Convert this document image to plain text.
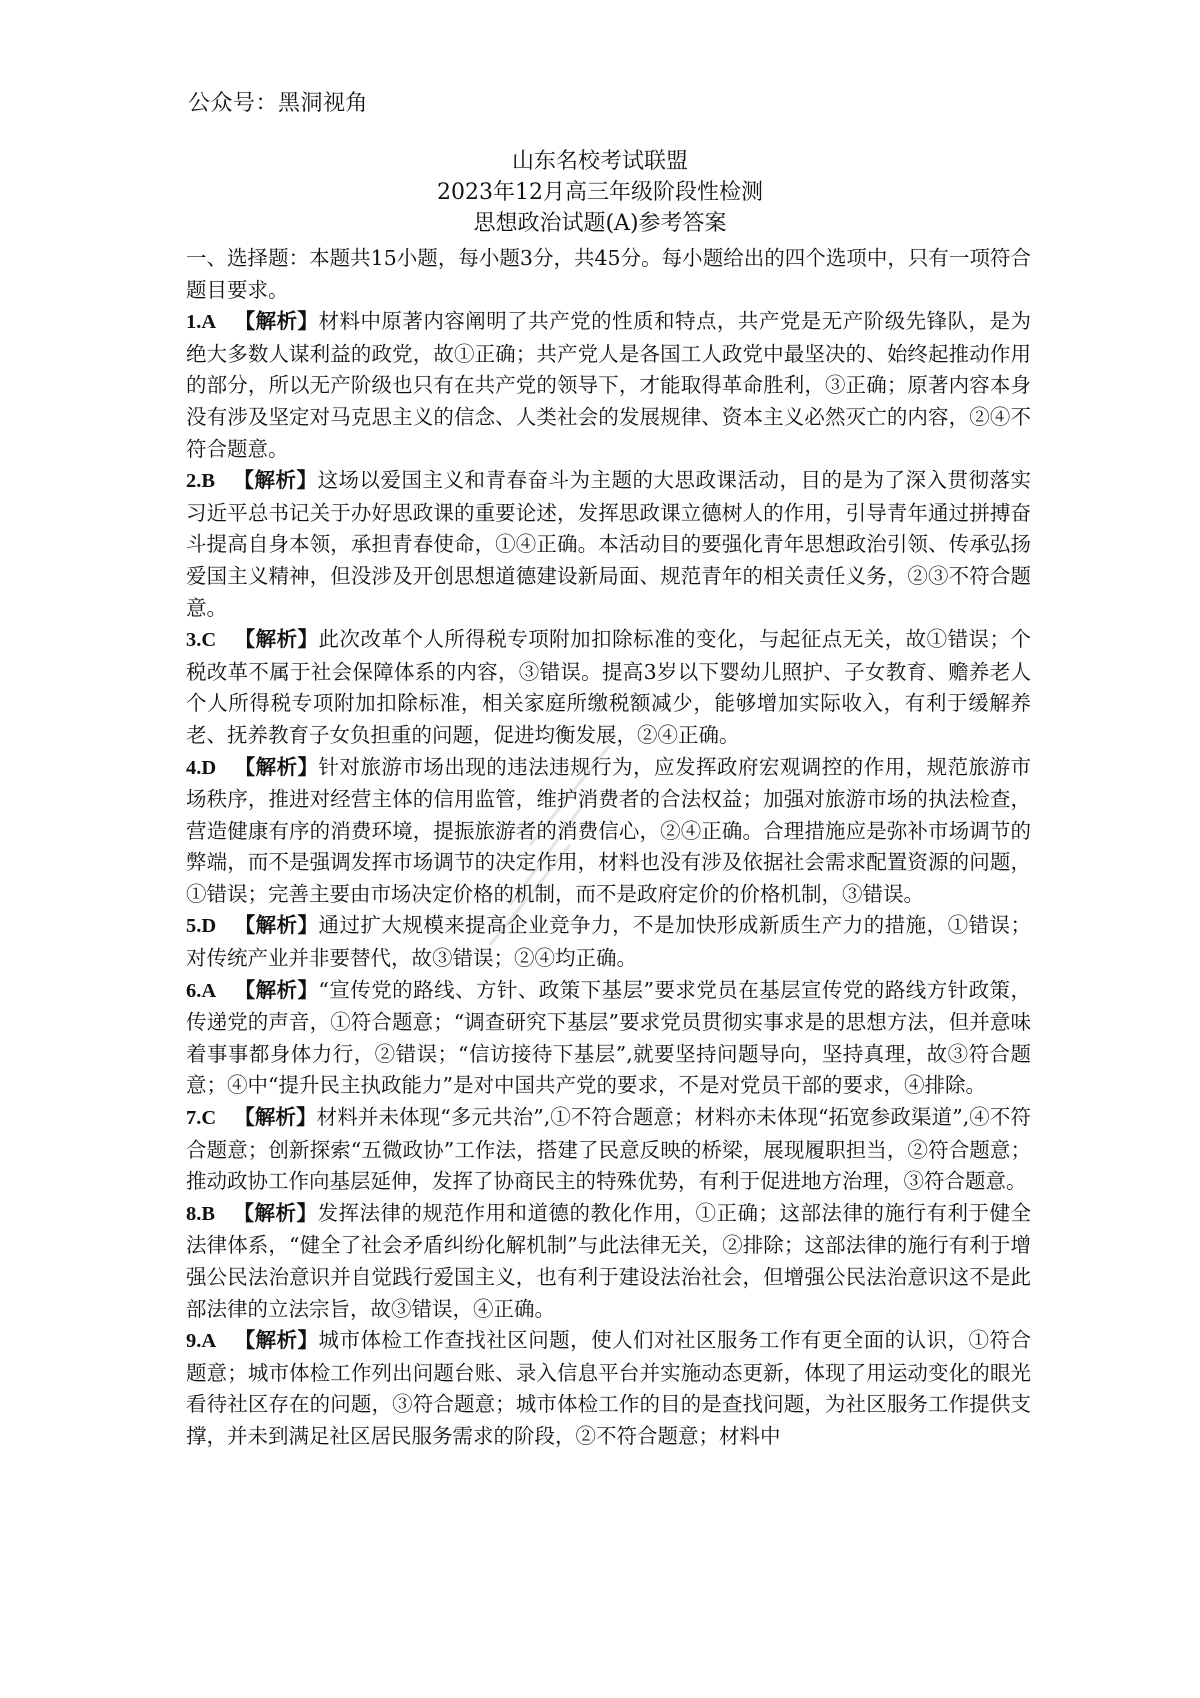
公众号：黑洞视角
山东名校考试联盟
2023年12月高三年级阶段性检测
思想政治试题(A)参考答案

一、选择题：本题共15小题，每小题3分，共45分。每小题给出的四个选项中，只有一项符合题目要求。

1.A 【解析】材料中原著内容阐明了共产党的性质和特点，共产党是无产阶级先锋队，是为绝大多数人谋利益的政党，故①正确；共产党人是各国工人政党中最坚决的、始终起推动作用的部分，所以无产阶级也只有在共产党的领导下，才能取得革命胜利，③正确；原著内容本身没有涉及坚定对马克思主义的信念、人类社会的发展规律、资本主义必然灭亡的内容，②④不符合题意。

2.B 【解析】这场以爱国主义和青春奋斗为主题的大思政课活动，目的是为了深入贯彻落实习近平总书记关于办好思政课的重要论述，发挥思政课立德树人的作用，引导青年通过拼搏奋斗提高自身本领，承担青春使命，①④正确。本活动目的要强化青年思想政治引领、传承弘扬爱国主义精神，但没涉及开创思想道德建设新局面、规范青年的相关责任义务，②③不符合题意。

3.C 【解析】此次改革个人所得税专项附加扣除标准的变化，与起征点无关，故①错误；个税改革不属于社会保障体系的内容，③错误。提高3岁以下婴幼儿照护、子女教育、赡养老人个人所得税专项附加扣除标准，相关家庭所缴税额减少，能够增加实际收入，有利于缓解养老、抚养教育子女负担重的问题，促进均衡发展，②④正确。

4.D 【解析】针对旅游市场出现的违法违规行为，应发挥政府宏观调控的作用，规范旅游市场秩序，推进对经营主体的信用监管，维护消费者的合法权益；加强对旅游市场的执法检查，营造健康有序的消费环境，提振旅游者的消费信心，②④正确。合理措施应是弥补市场调节的弊端，而不是强调发挥市场调节的决定作用，材料也没有涉及依据社会需求配置资源的问题，①错误；完善主要由市场决定价格的机制，而不是政府定价的价格机制，③错误。

5.D 【解析】通过扩大规模来提高企业竞争力，不是加快形成新质生产力的措施，①错误；对传统产业并非要替代，故③错误；②④均正确。

6.A 【解析】“宣传党的路线、方针、政策下基层”要求党员在基层宣传党的路线方针政策，传递党的声音，①符合题意；“调查研究下基层”要求党员贯彻实事求是的思想方法，但并意味着事事都身体力行，②错误；“信访接待下基层”,就要坚持问题导向，坚持真理，故③符合题意；④中“提升民主执政能力”是对中国共产党的要求，不是对党员干部的要求，④排除。

7.C 【解析】材料并未体现“多元共治”,①不符合题意；材料亦未体现“拓宽参政渠道”,④不符合题意；创新探索“五微政协”工作法，搭建了民意反映的桥梁，展现履职担当，②符合题意；推动政协工作向基层延伸，发挥了协商民主的特殊优势，有利于促进地方治理，③符合题意。

8.B 【解析】发挥法律的规范作用和道德的教化作用，①正确；这部法律的施行有利于健全法律体系，“健全了社会矛盾纠纷化解机制”与此法律无关，②排除；这部法律的施行有利于增强公民法治意识并自觉践行爱国主义，也有利于建设法治社会，但增强公民法治意识这不是此部法律的立法宗旨，故③错误，④正确。

9.A 【解析】城市体检工作查找社区问题，使人们对社区服务工作有更全面的认识，①符合题意；城市体检工作列出问题台账、录入信息平台并实施动态更新，体现了用运动变化的眼光看待社区存在的问题，③符合题意；城市体检工作的目的是查找问题，为社区服务工作提供支撑，并未到满足社区居民服务需求的阶段，②不符合题意；材料中
